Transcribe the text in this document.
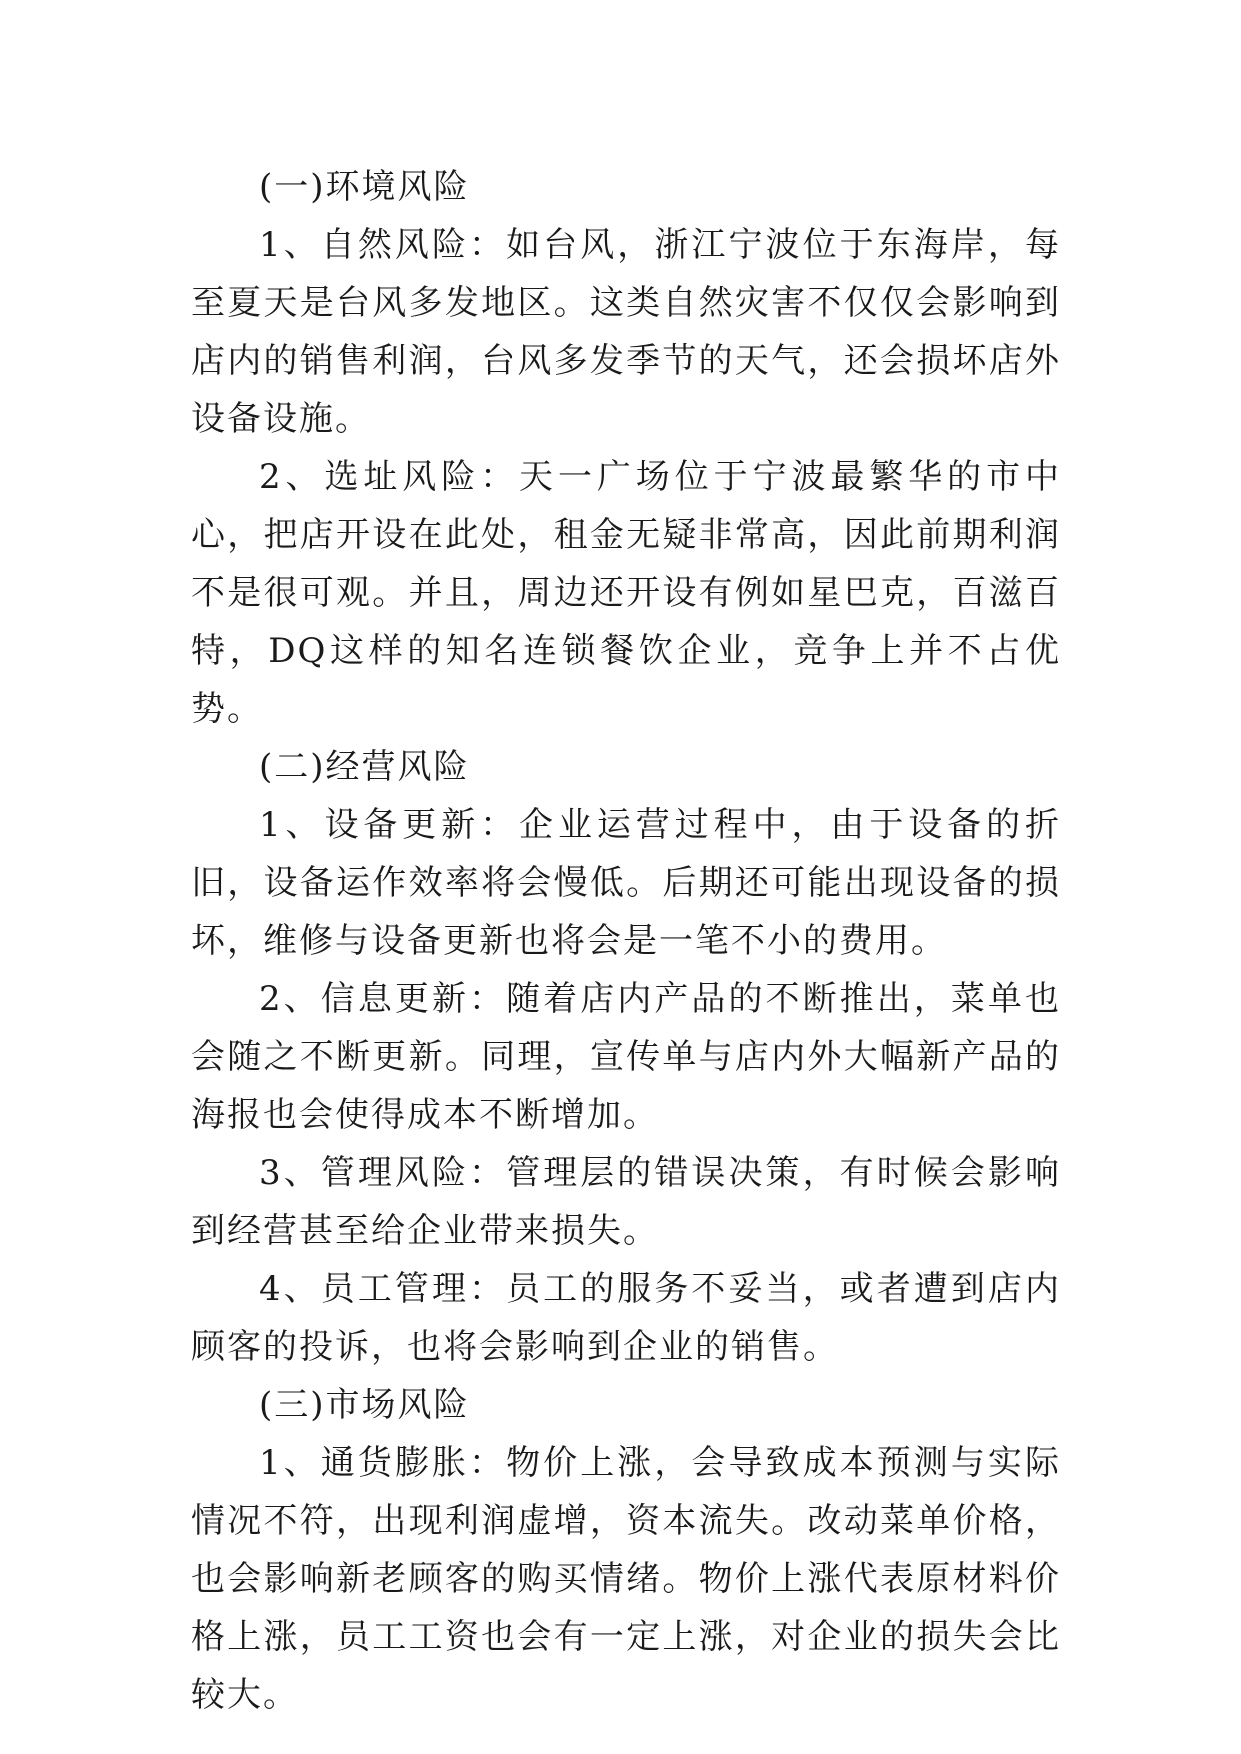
(一)环境风险

1、自然风险：如台风，浙江宁波位于东海岸，每至夏天是台风多发地区。这类自然灾害不仅仅会影响到店内的销售利润，台风多发季节的天气，还会损坏店外设备设施。

2、选址风险：天一广场位于宁波最繁华的市中心，把店开设在此处，租金无疑非常高，因此前期利润不是很可观。并且，周边还开设有例如星巴克，百滋百特，DQ这样的知名连锁餐饮企业，竞争上并不占优势。

(二)经营风险

1、设备更新：企业运营过程中，由于设备的折旧，设备运作效率将会慢低。后期还可能出现设备的损坏，维修与设备更新也将会是一笔不小的费用。

2、信息更新：随着店内产品的不断推出，菜单也会随之不断更新。同理，宣传单与店内外大幅新产品的海报也会使得成本不断增加。

3、管理风险：管理层的错误决策，有时候会影响到经营甚至给企业带来损失。

4、员工管理：员工的服务不妥当，或者遭到店内顾客的投诉，也将会影响到企业的销售。

(三)市场风险

1、通货膨胀：物价上涨，会导致成本预测与实际情况不符，出现利润虚增，资本流失。改动菜单价格，也会影响新老顾客的购买情绪。物价上涨代表原材料价格上涨，员工工资也会有一定上涨，对企业的损失会比较大。
